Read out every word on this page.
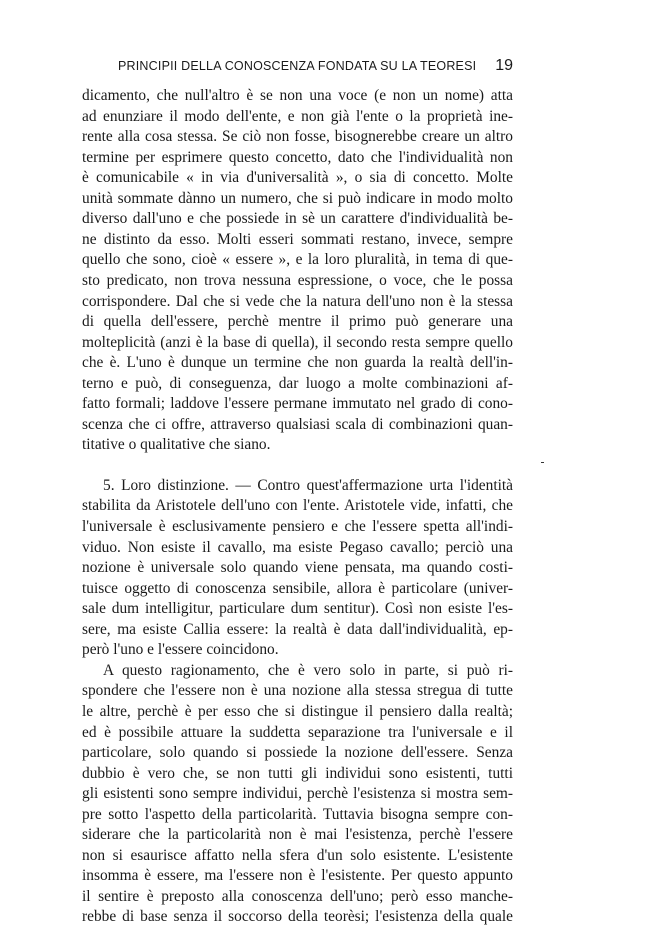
PRINCIPII DELLA CONOSCENZA FONDATA SU LA TEORESI 19
dicamento, che null'altro è se non una voce (e non un nome) atta
ad enunziare il modo dell'ente, e non già l'ente o la proprietà ine-
rente alla cosa stessa. Se ciò non fosse, bisognerebbe creare un altro
termine per esprimere questo concetto, dato che l'individualità non
è comunicabile « in via d'universalità », o sia di concetto. Molte
unità sommate dànno un numero, che si può indicare in modo molto
diverso dall'uno e che possiede in sè un carattere d'individualità be-
ne distinto da esso. Molti esseri sommati restano, invece, sempre
quello che sono, cioè « essere », e la loro pluralità, in tema di que-
sto predicato, non trova nessuna espressione, o voce, che le possa
corrispondere. Dal che si vede che la natura dell'uno non è la stessa
di quella dell'essere, perchè mentre il primo può generare una
molteplicità (anzi è la base di quella), il secondo resta sempre quello
che è. L'uno è dunque un termine che non guarda la realtà dell'in-
terno e può, di conseguenza, dar luogo a molte combinazioni af-
fatto formali; laddove l'essere permane immutato nel grado di cono-
scenza che ci offre, attraverso qualsiasi scala di combinazioni quan-
titative o qualitative che siano.
5. Loro distinzione. — Contro quest'affermazione urta l'identità
stabilita da Aristotele dell'uno con l'ente. Aristotele vide, infatti, che
l'universale è esclusivamente pensiero e che l'essere spetta all'indi-
viduo. Non esiste il cavallo, ma esiste Pegaso cavallo; perciò una
nozione è universale solo quando viene pensata, ma quando costi-
tuisce oggetto di conoscenza sensibile, allora è particolare (univer-
sale dum intelligitur, particulare dum sentitur). Così non esiste l'es-
sere, ma esiste Callia essere: la realtà è data dall'individualità, ep-
però l'uno e l'essere coincidono.
A questo ragionamento, che è vero solo in parte, si può ri-
spondere che l'essere non è una nozione alla stessa stregua di tutte
le altre, perchè è per esso che si distingue il pensiero dalla realtà;
ed è possibile attuare la suddetta separazione tra l'universale e il
particolare, solo quando si possiede la nozione dell'essere. Senza
dubbio è vero che, se non tutti gli individui sono esistenti, tutti
gli esistenti sono sempre individui, perchè l'esistenza si mostra sem-
pre sotto l'aspetto della particolarità. Tuttavia bisogna sempre con-
siderare che la particolarità non è mai l'esistenza, perchè l'essere
non si esaurisce affatto nella sfera d'un solo esistente. L'esistente
insomma è essere, ma l'essere non è l'esistente. Per questo appunto
il sentire è preposto alla conoscenza dell'uno; però esso manche-
rebbe di base senza il soccorso della teorèsi; l'esistenza della quale
